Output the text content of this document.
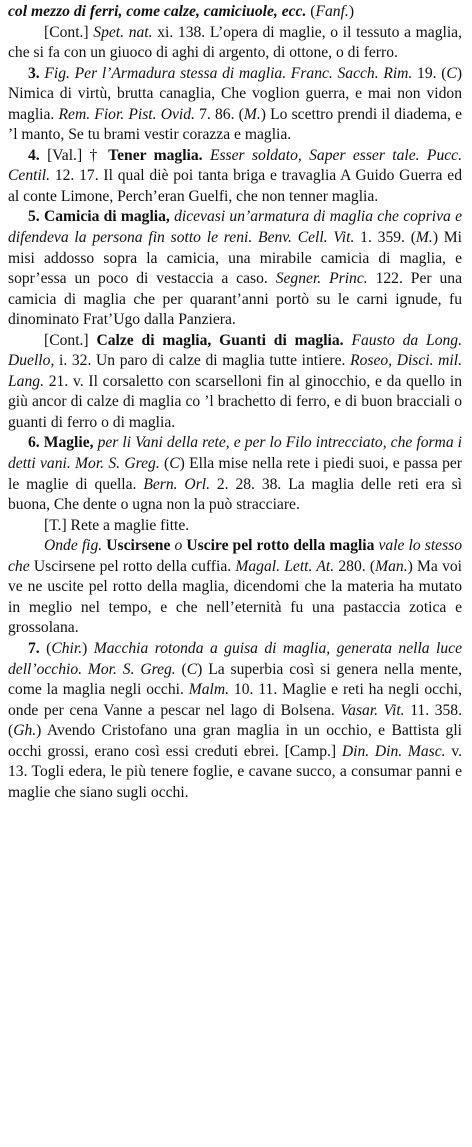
col mezzo di ferri, come calze, camiciuole, ecc. (Fanf.)

[Cont.] Spet. nat. xi. 138. L’opera di maglie, o il tessuto a maglia, che si fa con un giuoco di aghi di argento, di ottone, o di ferro.

3. Fig. Per l’Armadura stessa di maglia. Franc. Sacch. Rim. 19. (C) Nimica di virtù, brutta canaglia, Che voglion guerra, e mai non vidon maglia. Rem. Fior. Pist. Ovid. 7. 86. (M.) Lo scettro prendi il diadema, e ’l manto, Se tu brami vestir corazza e maglia.

4. [Val.] † Tener maglia. Esser soldato, Saper esser tale. Pucc. Centil. 12. 17. Il qual diè poi tanta briga e travaglia A Guido Guerra ed al conte Limone, Perch’eran Guelfi, che non tenner maglia.

5. Camicia di maglia, dicevasi un’armatura di maglia che copriva e difendeva la persona fin sotto le reni. Benv. Cell. Vit. 1. 359. (M.) Mi misi addosso sopra la camicia, una mirabile camicia di maglia, e sopr’essa un poco di vestaccia a caso. Segner. Princ. 122. Per una camicia di maglia che per quarant’anni portò su le carni ignude, fu dinominato Frat’Ugo dalla Panziera.

[Cont.] Calze di maglia, Guanti di maglia. Fausto da Long. Duello, i. 32. Un paro di calze di maglia tutte intiere. Roseo, Disci. mil. Lang. 21. v. Il corsaletto con scarselloni fin al ginocchio, e da quello in giù ancor di calze di maglia co ’l brachetto di ferro, e di buon bracciali o guanti di ferro o di maglia.

6. Maglie, per li Vani della rete, e per lo Filo intrecciato, che forma i detti vani. Mor. S. Greg. (C) Ella mise nella rete i piedi suoi, e passa per le maglie di quella. Bern. Orl. 2. 28. 38. La maglia delle reti era sì buona, Che dente o ugna non la può stracciare.

[T.] Rete a maglie fitte.

Onde fig. Uscirsene o Uscire pel rotto della maglia vale lo stesso che Uscirsene pel rotto della cuffia. Magal. Lett. At. 280. (Man.) Ma voi ve ne uscite pel rotto della maglia, dicendomi che la materia ha mutato in meglio nel tempo, e che nell’eternità fu una pastaccia zotica e grossolana.

7. (Chir.) Macchia rotonda a guisa di maglia, generata nella luce dell’occhio. Mor. S. Greg. (C) La superbia così si genera nella mente, come la maglia negli occhi. Malm. 10. 11. Maglie e reti ha negli occhi, onde per cena Vanne a pescar nel lago di Bolsena. Vasar. Vit. 11. 358. (Gh.) Avendo Cristofano una gran maglia in un occhio, e Battista gli occhi grossi, erano così essi creduti ebrei. [Camp.] Din. Din. Masc. v. 13. Togli edera, le più tenere foglie, e cavane succo, a consumar panni e maglie che siano sugli occhi.
